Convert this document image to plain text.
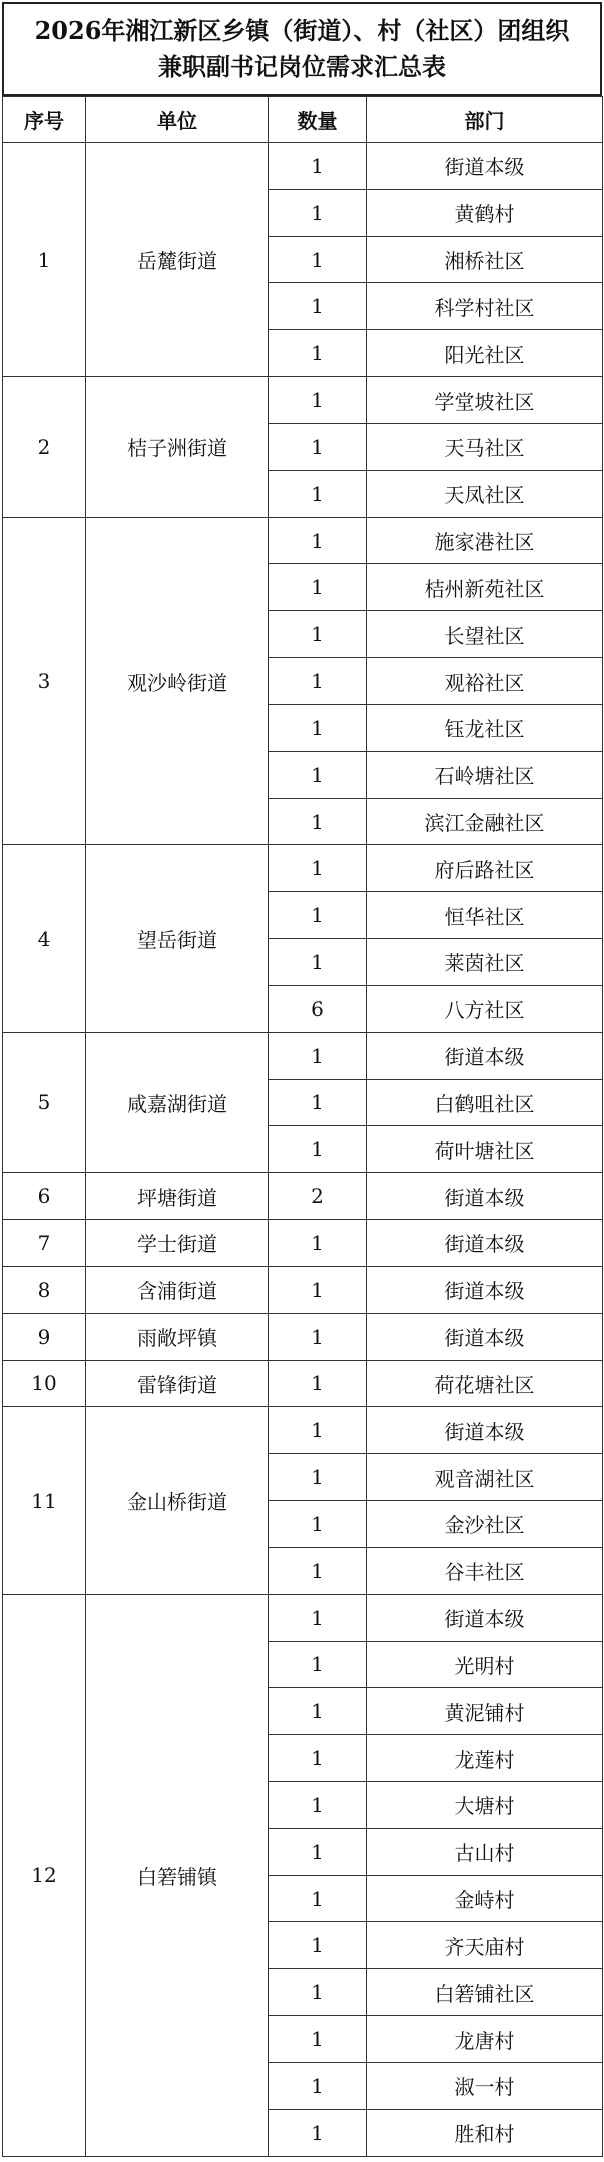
2026年湘江新区乡镇（街道）、村（社区）团组织兼职副书记岗位需求汇总表
序号	单位	数量	部门
1	岳麓街道	1	街道本级
		1	黄鹤村
		1	湘桥社区
		1	科学村社区
		1	阳光社区
2	桔子洲街道	1	学堂坡社区
		1	天马社区
		1	天凤社区
3	观沙岭街道	1	施家港社区
		1	桔州新苑社区
		1	长望社区
		1	观裕社区
		1	钰龙社区
		1	石岭塘社区
		1	滨江金融社区
4	望岳街道	1	府后路社区
		1	恒华社区
		1	莱茵社区
		6	八方社区
5	咸嘉湖街道	1	街道本级
		1	白鹤咀社区
		1	荷叶塘社区
6	坪塘街道	2	街道本级
7	学士街道	1	街道本级
8	含浦街道	1	街道本级
9	雨敞坪镇	1	街道本级
10	雷锋街道	1	荷花塘社区
11	金山桥街道	1	街道本级
		1	观音湖社区
		1	金沙社区
		1	谷丰社区
12	白箬铺镇	1	街道本级
		1	光明村
		1	黄泥铺村
		1	龙莲村
		1	大塘村
		1	古山村
		1	金峙村
		1	齐天庙村
		1	白箬铺社区
		1	龙唐村
		1	淑一村
		1	胜和村
